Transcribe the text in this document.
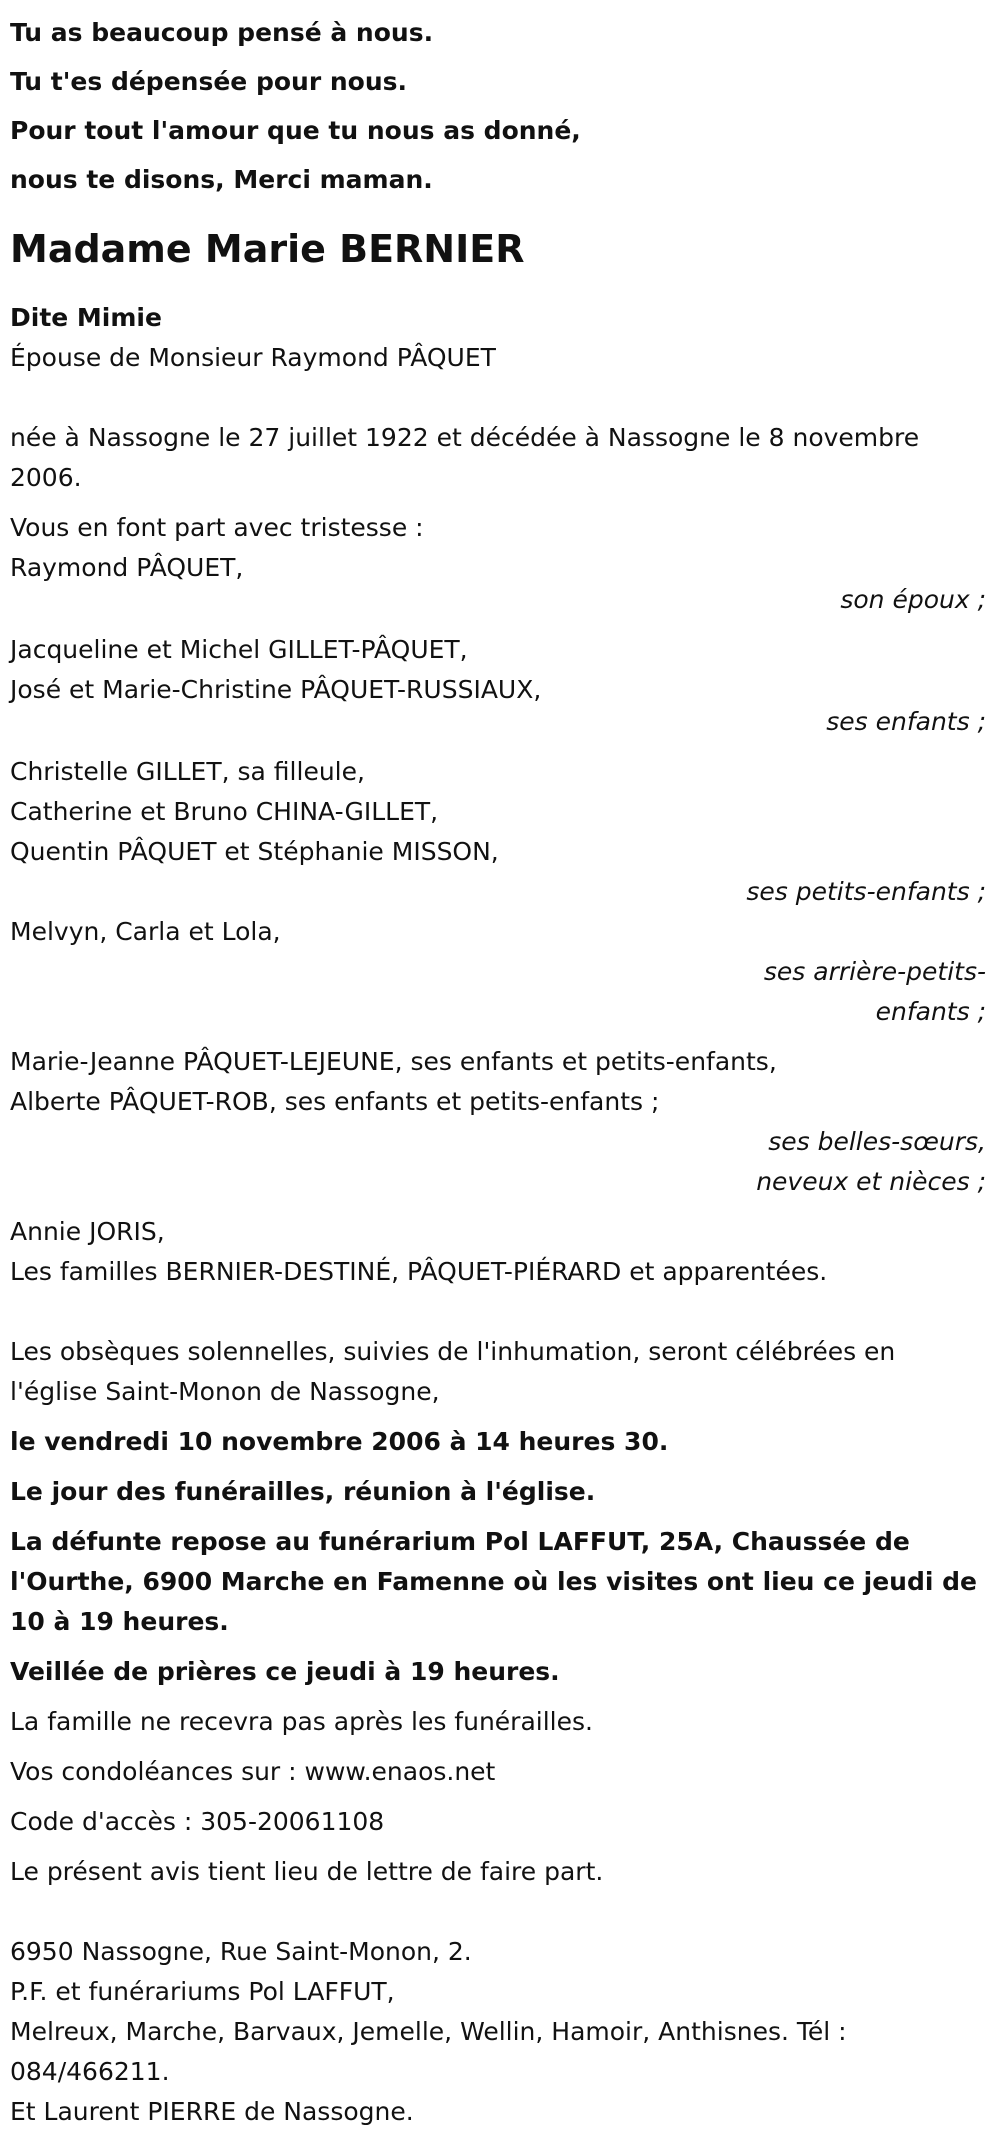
Tu as beaucoup pensé à nous.
Tu t'es dépensée pour nous.
Pour tout l'amour que tu nous as donné,
nous te disons, Merci maman.
Madame Marie BERNIER
Dite Mimie
Épouse de Monsieur Raymond PÂQUET

née à Nassogne le 27 juillet 1922 et décédée à Nassogne le 8 novembre 2006.

Vous en font part avec tristesse :
Raymond PÂQUET,
son époux ;
Jacqueline et Michel GILLET-PÂQUET,
José et Marie-Christine PÂQUET-RUSSIAUX,
ses enfants ;
Christelle GILLET, sa filleule,
Catherine et Bruno CHINA-GILLET,
Quentin PÂQUET et Stéphanie MISSON,
ses petits-enfants ;
Melvyn, Carla et Lola,
ses arrière-petits-
enfants ;
Marie-Jeanne PÂQUET-LEJEUNE, ses enfants et petits-enfants,
Alberte PÂQUET-ROB, ses enfants et petits-enfants ;
ses belles-sœurs,
neveux et nièces ;
Annie JORIS,
Les familles BERNIER-DESTINÉ, PÂQUET-PIÉRARD et apparentées.

Les obsèques solennelles, suivies de l'inhumation, seront célébrées en l'église Saint-Monon de Nassogne,

le vendredi 10 novembre 2006 à 14 heures 30.
Le jour des funérailles, réunion à l'église.

La défunte repose au funérarium Pol LAFFUT, 25A, Chaussée de l'Ourthe, 6900 Marche en Famenne où les visites ont lieu ce jeudi de 10 à 19 heures.

Veillée de prières ce jeudi à 19 heures.
La famille ne recevra pas après les funérailles.
Vos condoléances sur : www.enaos.net
Code d'accès : 305-20061108
Le présent avis tient lieu de lettre de faire part.
6950 Nassogne, Rue Saint-Monon, 2.
P.F. et funérariums Pol LAFFUT,

Melreux, Marche, Barvaux, Jemelle, Wellin, Hamoir, Anthisnes. Tél : 084/466211.

Et Laurent PIERRE de Nassogne.
